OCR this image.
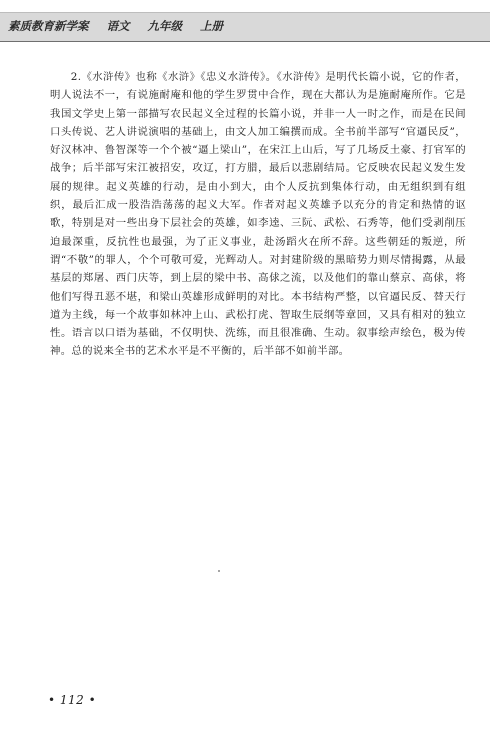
素质教育新学案 语文 九年级 上册
2.《水浒传》也称《水浒》《忠义水浒传》。《水浒传》是明代长篇小说，它的作者，明人说法不一，有说施耐庵和他的学生罗贯中合作，现在大都认为是施耐庵所作。它是我国文学史上第一部描写农民起义全过程的长篇小说，并非一人一时之作，而是在民间口头传说、艺人讲说演唱的基础上，由文人加工编撰而成。全书前半部写“官逼民反”，好汉林冲、鲁智深等一个个被“逼上梁山”，在宋江上山后，写了几场反土豪、打官军的战争；后半部写宋江被招安，攻辽，打方腊，最后以悲剧结局。它反映农民起义发生发展的规律。起义英雄的行动，是由小到大，由个人反抗到集体行动，由无组织到有组织，最后汇成一股浩浩荡荡的起义大军。作者对起义英雄予以充分的肯定和热情的讴歌，特别是对一些出身下层社会的英雄，如李逵、三阮、武松、石秀等，他们受剥削压迫最深重，反抗性也最强，为了正义事业，赴汤蹈火在所不辞。这些朝廷的叛逆，所谓“不敬”的罪人，个个可敬可爱，光辉动人。对封建阶级的黑暗势力则尽情揭露，从最基层的郑屠、西门庆等，到上层的梁中书、高俅之流，以及他们的靠山蔡京、高俅，将他们写得丑恶不堪，和梁山英雄形成鲜明的对比。本书结构严整，以官逼民反、替天行道为主线，每一个故事如林冲上山、武松打虎、智取生辰纲等章回，又具有相对的独立性。语言以口语为基础，不仅明快、洗练，而且很准确、生动。叙事绘声绘色，极为传神。总的说来全书的艺术水平是不平衡的，后半部不如前半部。
• 112 •
